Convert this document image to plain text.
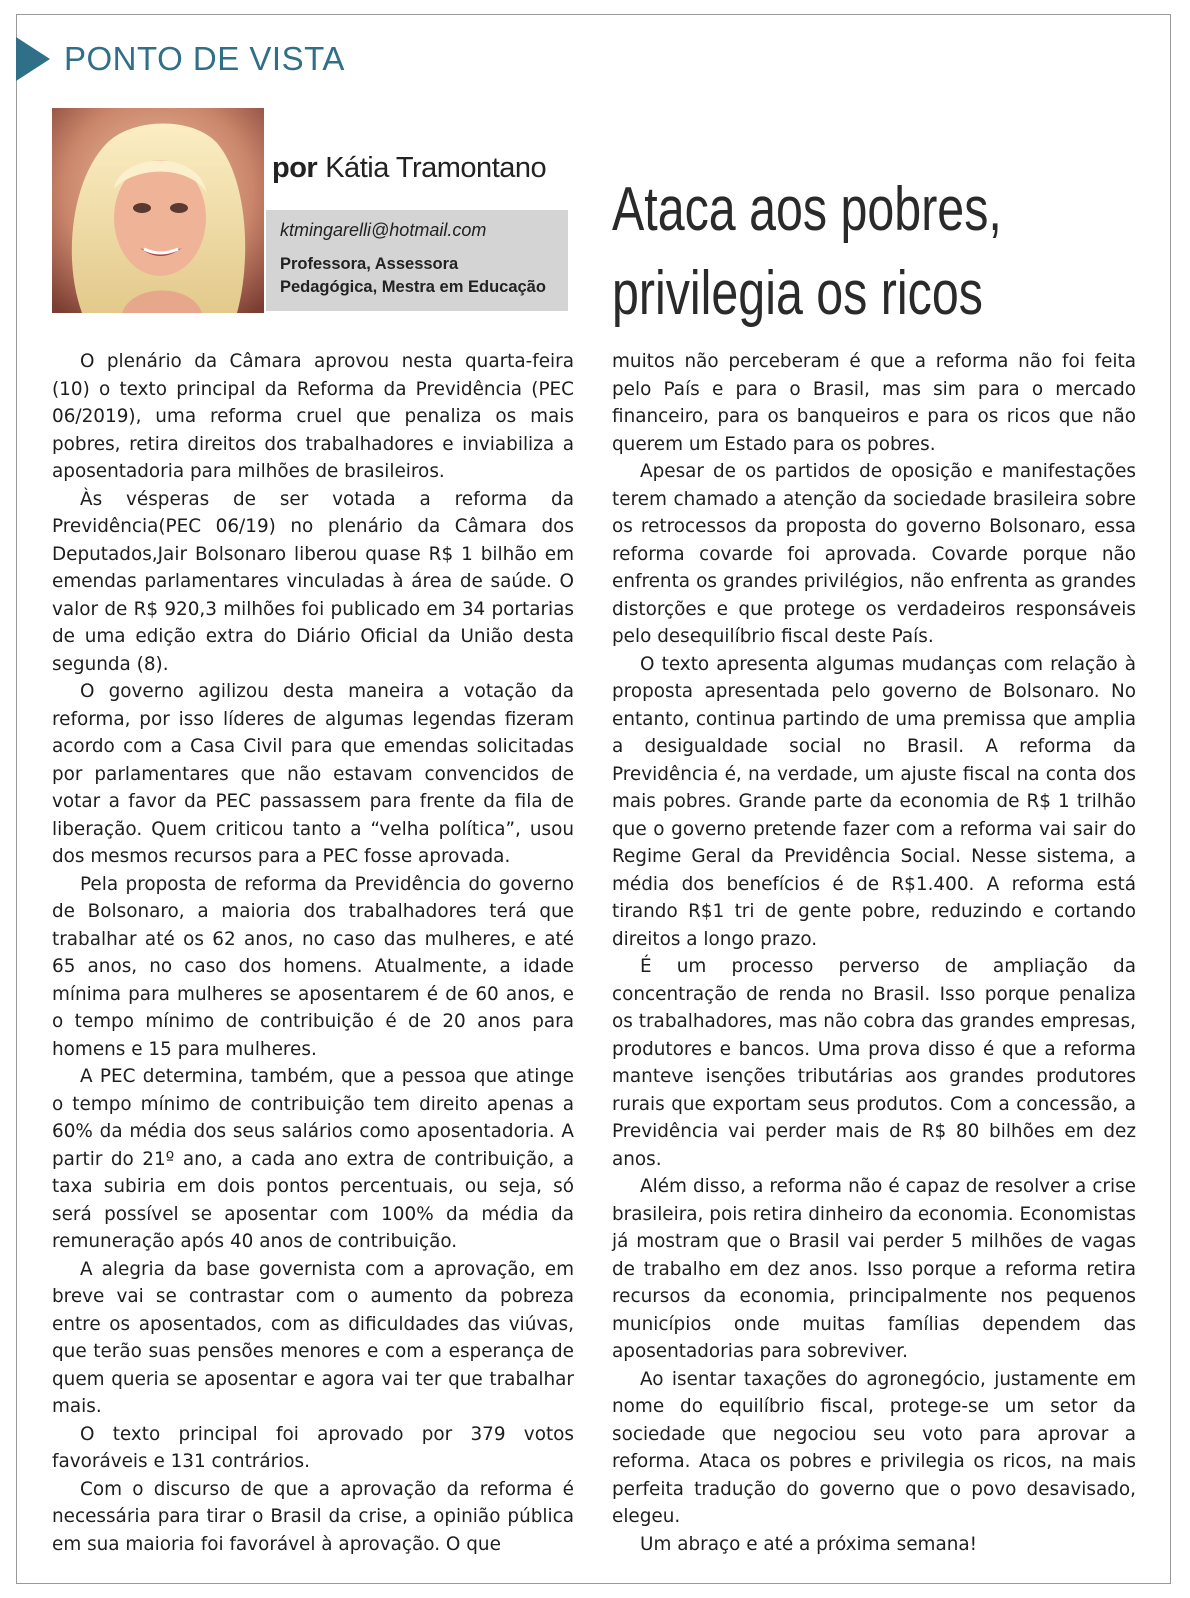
PONTO DE VISTA
por Kátia Tramontano
ktmingarelli@hotmail.com
Professora, Assessora
Pedagógica, Mestra em Educação
Ataca aos pobres,
privilegia os ricos

O plenário da Câmara aprovou nesta quarta-feira (10) o texto principal da Reforma da Previdência (PEC 06/2019), uma reforma cruel que penaliza os mais pobres, retira direitos dos trabalhadores e inviabiliza a aposentadoria para milhões de brasileiros.

Às vésperas de ser votada a reforma da Previdência(PEC 06/19) no plenário da Câmara dos Deputados,Jair Bolsonaro liberou quase R$ 1 bilhão em emendas parlamentares vinculadas à área de saúde. O valor de R$ 920,3 milhões foi publicado em 34 portarias de uma edição extra do Diário Oficial da União desta segunda (8).

O governo agilizou desta maneira a votação da reforma, por isso líderes de algumas legendas fizeram acordo com a Casa Civil para que emendas solicitadas por parlamentares que não estavam convencidos de votar a favor da PEC passassem para frente da fila de liberação. Quem criticou tanto a “velha política”, usou dos mesmos recursos para a PEC fosse aprovada.

Pela proposta de reforma da Previdência do governo de Bolsonaro, a maioria dos trabalhadores terá que trabalhar até os 62 anos, no caso das mulheres, e até 65 anos, no caso dos homens. Atualmente, a idade mínima para mulheres se aposentarem é de 60 anos, e o tempo mínimo de contribuição é de 20 anos para homens e 15 para mulheres.

A PEC determina, também, que a pessoa que atinge o tempo mínimo de contribuição tem direito apenas a 60% da média dos seus salários como aposentadoria. A partir do 21º ano, a cada ano extra de contribuição, a taxa subiria em dois pontos percentuais, ou seja, só será possível se aposentar com 100% da média da remuneração após 40 anos de contribuição.

A alegria da base governista com a aprovação, em breve vai se contrastar com o aumento da pobreza entre os aposentados, com as dificuldades das viúvas, que terão suas pensões menores e com a esperança de quem queria se aposentar e agora vai ter que trabalhar mais.

O texto principal foi aprovado por 379 votos favoráveis e 131 contrários.

Com o discurso de que a aprovação da reforma é necessária para tirar o Brasil da crise, a opinião pública em sua maioria foi favorável à aprovação. O que

muitos não perceberam é que a reforma não foi feita pelo País e para o Brasil, mas sim para o mercado financeiro, para os banqueiros e para os ricos que não querem um Estado para os pobres.

Apesar de os partidos de oposição e manifestações terem chamado a atenção da sociedade brasileira sobre os retrocessos da proposta do governo Bolsonaro, essa reforma covarde foi aprovada. Covarde porque não enfrenta os grandes privilégios, não enfrenta as grandes distorções e que protege os verdadeiros responsáveis pelo desequilíbrio fiscal deste País.

O texto apresenta algumas mudanças com relação à proposta apresentada pelo governo de Bolsonaro. No entanto, continua partindo de uma premissa que amplia a desigualdade social no Brasil. A reforma da Previdência é, na verdade, um ajuste fiscal na conta dos mais pobres. Grande parte da economia de R$ 1 trilhão que o governo pretende fazer com a reforma vai sair do Regime Geral da Previdência Social. Nesse sistema, a média dos benefícios é de R$1.400. A reforma está tirando R$1 tri de gente pobre, reduzindo e cortando direitos a longo prazo.

É um processo perverso de ampliação da concentração de renda no Brasil. Isso porque penaliza os trabalhadores, mas não cobra das grandes empresas, produtores e bancos. Uma prova disso é que a reforma manteve isenções tributárias aos grandes produtores rurais que exportam seus produtos. Com a concessão, a Previdência vai perder mais de R$ 80 bilhões em dez anos.

Além disso, a reforma não é capaz de resolver a crise brasileira, pois retira dinheiro da economia. Economistas já mostram que o Brasil vai perder 5 milhões de vagas de trabalho em dez anos. Isso porque a reforma retira recursos da economia, principalmente nos pequenos municípios onde muitas famílias dependem das aposentadorias para sobreviver.

Ao isentar taxações do agronegócio, justamente em nome do equilíbrio fiscal, protege-se um setor da sociedade que negociou seu voto para aprovar a reforma. Ataca os pobres e privilegia os ricos, na mais perfeita tradução do governo que o povo desavisado, elegeu.

Um abraço e até a próxima semana!
